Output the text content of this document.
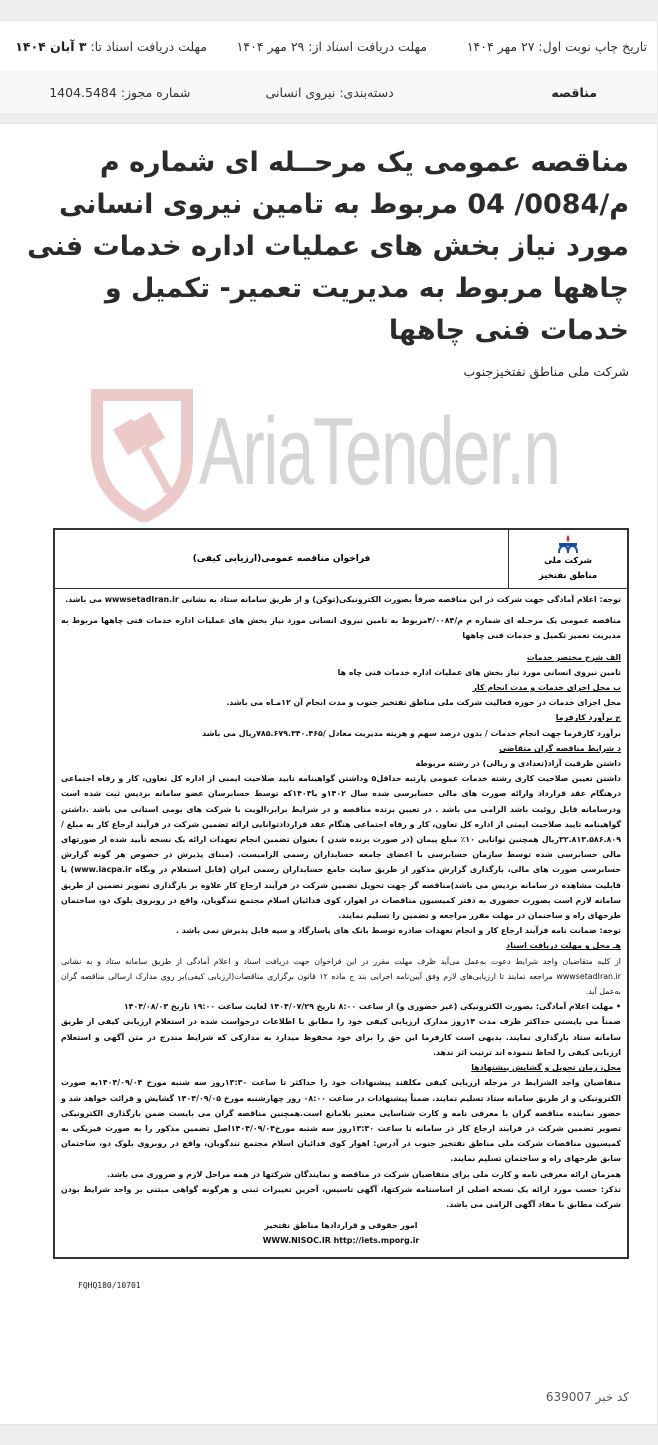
تاریخ چاپ نوبت اول: ۲۷ مهر ۱۴۰۴
مهلت دریافت اسناد از: ۲۹ مهر ۱۴۰۴
مهلت دریافت اسناد تا: ۳ آبان ۱۴۰۴
مناقصه
دسته‌بندی: نیروی انسانی
شماره مجوز: 1404.5484
مناقصه عمومی یک مرحــله ای شماره م م/0084/ 04 مربوط به تامین نیروی انسانی مورد نیاز بخش های عملیات اداره خدمات فنی چاهها مربوط به مدیریت تعمیر- تکمیل و خدمات فنی چاهها
شرکت ملی مناطق نفتخیزجنوب
AriaTender.n
شرکت ملی
مناطق نفتخیز
فراخوان مناقصه عمومی(ارزیابی کیفی)

توجه: اعلام آمادگی جهت شرکت در این مناقصه صرفاً بصورت الکترونیکی(توکن) و از طریق سامانه ستاد به نشانی wwwsetadIran.ir می باشد.

مناقصه عمومی یک مرحـله ای شماره م م/۴/۰۰۸۴مربوط به تامین نیروی انسانی مورد نیاز بخش های عملیات اداره خدمات فنی چاهها مربوط به مدیریت تعمیر تکمیل و خدمات فنی چاهها

الف شرح مختصر خدمات

تامین نیروی انسانی مورد نیاز بخش های عملیات اداره خدمات فنی چاه ها

ب محل اجرای خدمات و مدت انجام کار

محل اجرای خدمات در حوزه فعالیت شرکت ملی مناطق نفتخیز جنوب و مدت انجام آن ۱۲مـاه می باشد.

ج برآورد کارفرما

برآورد کارفرما جهت انجام خدمات / بدون درصد سهم و هزینه مدیریت معادل /۷۸۵.۶۷۹.۳۴۰.۴۶۵ریال می باشد

د شرایط مناقصه گران متقاضی

داشتن ظرفیت آزاد(تعدادی و ریالی) در رشته مربوطه

داشتن تعیین صلاحیت کاری رشته خدمات عمومی پارتبه حداقل۵ وداشتن گواهینامه تایید صلاحیت ایمنی از اداره کل تعاون، کار و رفاه اجتماعی درهنگام عقد قرارداد وارائه صورت های مالی حسابرسی شده سال ۱۴۰۲و یا۱۴۰۳که توسط حسابرسان عضو سامانه بردیس ثبت شده است ودرسامانه قابل روئیت باشد الزامی می باشد . در تعیین برنده مناقصه و در شرایط برابر،الویت با شرکت های بومی استانی می باشد .داشتن گواهینامه تایید صلاحیت ایمنی از اداره کل تعاون، کار و رفاه اجتماعی هنگام عقد قراردادتوانایی ارائه تضمین شرکت در فرآیند ارجاع کار به مبلغ /۳۲.۸۱۳.۵۸۶.۸۰۹ریال همچنین توانایی ۱۰٪ مبلغ پیمان (در صورت برنده شدن ) بعنوان تضمین انجام تعهدات ارائه یک نسخه تأیید شده از صورتهای مالی حسابرسی شده توسط سازمان حسابرسی یا اعضای جامعه حسابداران رسمی الزامیست. (مبنای پذیرش در خصوص هر گونه گزارش حسابرسی صورت های مالی، بارگذاری گزارش مذکور از طریق سایت جامع حسابداران رسمی ایران (قابل استعلام در وبگاه www.iacpa.ir) یا قابلیت مشاهده در سامانه بردیس می باشد)مناقصه گر جهت تحویل تضمین شرکت در فرآیند ارجاع کار علاوه بر بارگذاری تصویر تضمین از طریق سامانه لازم است بصورت حضوری به دفتر کمیسیون مناقصات در اهواز، کوی فدائیان اسلام مجتمع تندگویان، واقع در روبروی بلوک دو، ساختمان طرحهای راه و ساختمان در مهلت مقرر مراجعه و تضمین را تسلیم نمایند.

توجه: ضمانت نامه فرآیند ارجاع کار و انجام تعهدات صادره توسط بانک های پاسارگاد و سپه قابل پذیرش نمی باشد .

هـ محل و مهلت دریافت اسناد

از کلیه متقاضیان واجد شرایط دعوت به‌عمل می‌آید ظرف مهلت مقرر در این فراخوان جهت دریافت اسناد و اعلام آمادگی از طریق سامانه ستاد و به نشانی wwwsetadIran.ir مراجعه نمایند تا ارزیابی‌های لازم وفق آیین‌نامه اجرایی بند ج ماده ۱۲ قانون برگزاری مناقصات(ارزیابی کیفی)بر روی مدارک ارسالی مناقصه گران به‌عمل آید.

• مهلت اعلام آمادگی: بصورت الکترونیکی (غیر حضوری و) از ساعت ۸:۰۰ تاریخ ۱۴۰۴/۰۷/۲۹ لغایت ساعت ۱۹:۰۰ تاریخ ۱۴۰۴/۰۸/۰۳

ضمناً می بایستی حداکثر ظرف مدت ۱۴روز مدارک ارزیابی کیفی خود را مطابق با اطلاعات درخواست شده در استعلام ارزیابی کیفی از طریق سامانه ستاد بارگذاری نمایند. بدیهی است کارفرما این حق را برای خود محفوظ میدارد به مدارکی که شرایط مندرج در متن آگهی و استعلام ارزیابی کیفی را لحاظ ننموده اند ترتیب اثر ندهد.

محل، زمان تحویل و گشایش پیشنهادها

متقاضیان واجد الشرایط در مرحله ارزیابی کیفی مکلفند پیشنهادات خود را حداکثر تا ساعت ۱۳:۳۰روز سه شنبه مورخ ۱۴۰۴/۰۹/۰۴به صورت الکترونیکی و از طریق سامانه ستاد تسلیم نمایند. ضمناً پیشنهادات در ساعت ۰۸:۰۰ روز چهارشنبه مورخ ۱۴۰۴/۰۹/۰۵ گشایش و قرائت خواهد شد و حضور نماینده مناقصه گران با معرفی نامه و کارت شناسایی معتبر بلامانع است.همچنین مناقصه گران می بایست ضمن بارگذاری الکترونیکی تصویر تضمین شرکت در فرایند ارجاع کار در سامانه تا ساعت ۱۳:۳۰روز سه شنبه مورخ۱۴۰۴/۰۹/۰۴اصل تضمین مذکور را به صورت فیزیکی به کمیسیون مناقصات شرکت ملی مناطق نفتخیز جنوب در آدرس: اهواز کوی فدائیان اسلام مجتمع تندگویان، واقع در روبروی بلوک دو، ساختمان سابق طرحهای راه و ساختمان تسلیم نمایند.

همزمان ارائه معرفی نامه و کارت ملی برای متقاضیان شرکت در مناقصه و نمایندگان شرکتها در همه مراحل لازم و ضروری می باشد.

تذکر: حسب مورد ارائه یک نسخه اصلی از اساسنامه شرکتها، آگهی تاسیس، آخرین تغییرات ثبتی و هرگونه گواهی مبتنی بر واجد شرایط بودن شرکت مطابق با مفاد آگهی الزامی می باشد.

امور حقوقی و قراردادها مناطق نفتخیز

WWW.NISOC.IR http://iets.mporg.ir

FQHQ180/10701
کد خبر 639007
